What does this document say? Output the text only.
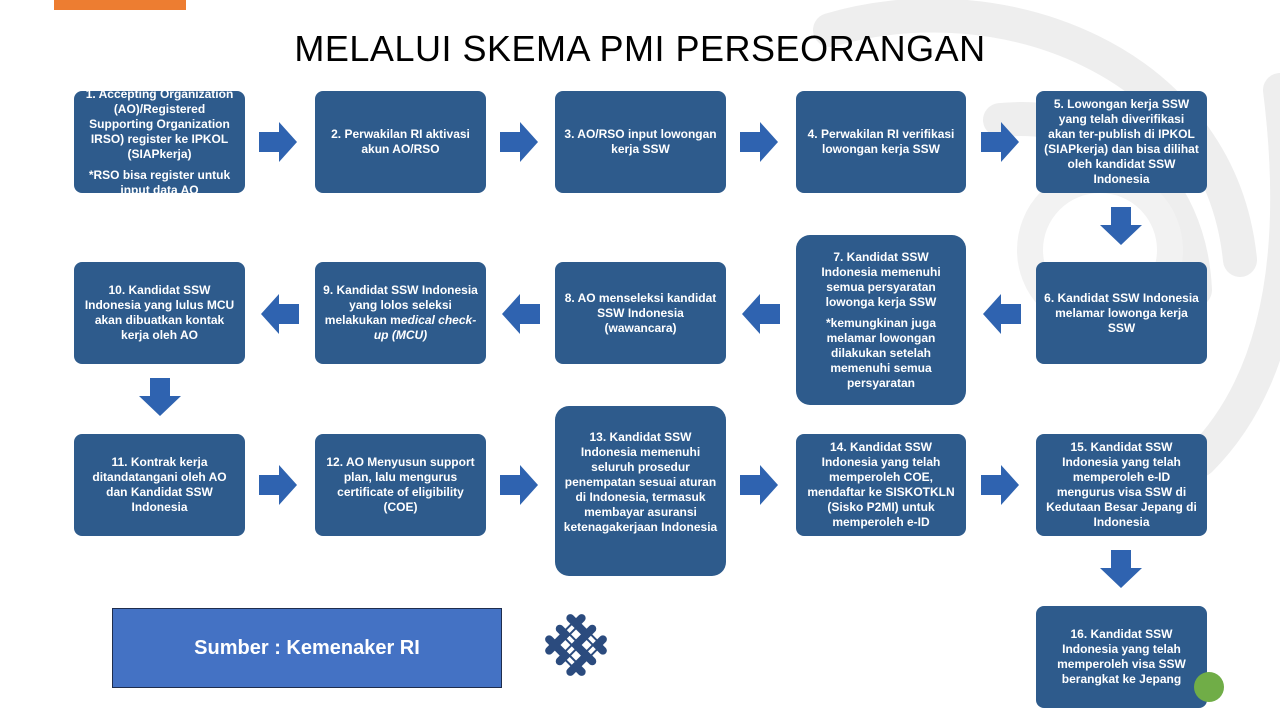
MELALUI SKEMA PMI PERSEORANGAN
1. Accepting Organization (AO)/Registered Supporting Organization IRSO) register ke IPKOL (SIAPkerja)
*RSO bisa register untuk input data AO
2. Perwakilan RI aktivasi akun AO/RSO
3. AO/RSO input lowongan kerja SSW
4. Perwakilan RI verifikasi lowongan kerja SSW
5. Lowongan kerja SSW yang telah diverifikasi akan ter-publish di IPKOL (SIAPkerja) dan bisa dilihat oleh kandidat SSW Indonesia
6. Kandidat SSW Indonesia melamar lowonga kerja SSW
7. Kandidat SSW Indonesia memenuhi semua persyaratan lowonga kerja SSW
*kemungkinan juga melamar lowongan dilakukan setelah memenuhi semua persyaratan
8. AO menseleksi kandidat SSW Indonesia (wawancara)
9. Kandidat SSW Indonesia yang lolos seleksi melakukan medical check-up (MCU)
10. Kandidat SSW Indonesia yang lulus MCU akan dibuatkan kontak kerja oleh AO
11. Kontrak kerja ditandatangani oleh AO dan Kandidat SSW Indonesia
12. AO Menyusun support plan, lalu mengurus certificate of eligibility (COE)
13. Kandidat SSW Indonesia memenuhi seluruh prosedur penempatan sesuai aturan di Indonesia, termasuk membayar asuransi ketenagakerjaan Indonesia
14. Kandidat SSW Indonesia yang telah memperoleh COE, mendaftar ke SISKOTKLN (Sisko P2MI) untuk memperoleh e-ID
15. Kandidat SSW Indonesia yang telah memperoleh e-ID mengurus visa SSW di Kedutaan Besar Jepang di Indonesia
16. Kandidat SSW Indonesia yang telah memperoleh visa SSW berangkat ke Jepang
Sumber : Kemenaker RI
